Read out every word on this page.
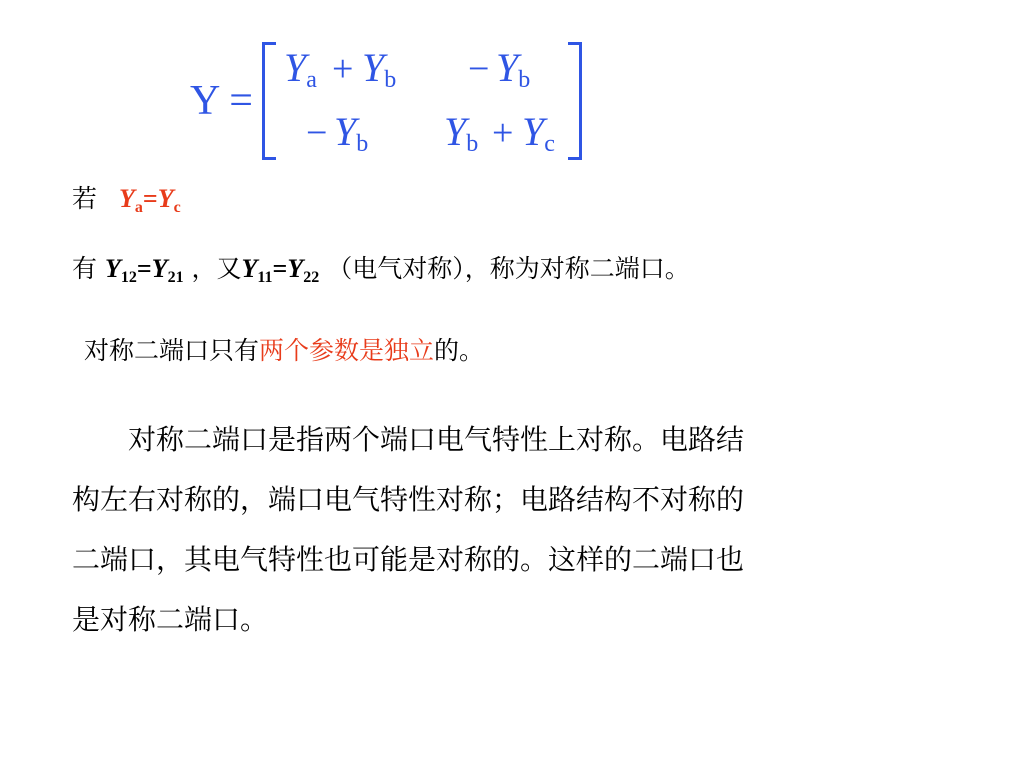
Y =
$Y_a + Y_b - Y_b$
− $Y_b$ $Y_b + Y_c$
若 $Y_a=Y_c$
有 $Y_{12}=Y_{21}$ ，又$Y_{11}=Y_{22}$ （电气对称），称为对称二端口。
对称二端口只有两个参数是独立的。
　　对称二端口是指两个端口电气特性上对称。电路结
构左右对称的，端口电气特性对称；电路结构不对称的
二端口，其电气特性也可能是对称的。这样的二端口也
是对称二端口。
